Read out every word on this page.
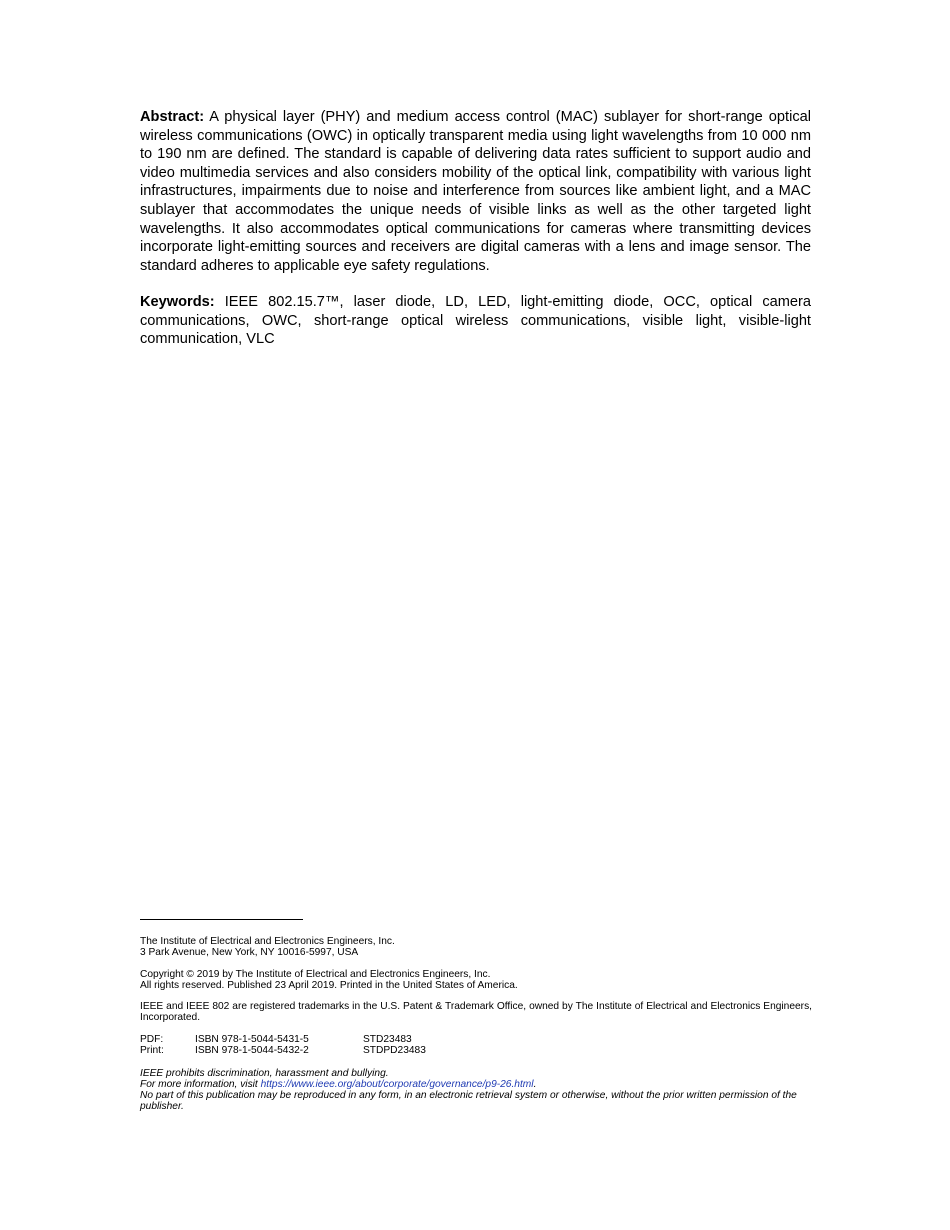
Abstract: A physical layer (PHY) and medium access control (MAC) sublayer for short-range optical wireless communications (OWC) in optically transparent media using light wavelengths from 10 000 nm to 190 nm are defined. The standard is capable of delivering data rates sufficient to support audio and video multimedia services and also considers mobility of the optical link, compatibility with various light infrastructures, impairments due to noise and interference from sources like ambient light, and a MAC sublayer that accommodates the unique needs of visible links as well as the other targeted light wavelengths. It also accommodates optical communications for cameras where transmitting devices incorporate light-emitting sources and receivers are digital cameras with a lens and image sensor. The standard adheres to applicable eye safety regulations.

Keywords: IEEE 802.15.7™, laser diode, LD, LED, light-emitting diode, OCC, optical camera communications, OWC, short-range optical wireless communications, visible light, visible-light communication, VLC

The Institute of Electrical and Electronics Engineers, Inc.
3 Park Avenue, New York, NY 10016-5997, USA

Copyright © 2019 by The Institute of Electrical and Electronics Engineers, Inc.
All rights reserved. Published 23 April 2019. Printed in the United States of America.

IEEE and IEEE 802 are registered trademarks in the U.S. Patent & Trademark Office, owned by The Institute of Electrical and Electronics Engineers, Incorporated.

PDF:	ISBN 978-1-5044-5431-5	STD23483
Print:	ISBN 978-1-5044-5432-2	STDPD23483

IEEE prohibits discrimination, harassment and bullying.
For more information, visit https://www.ieee.org/about/corporate/governance/p9-26.html.
No part of this publication may be reproduced in any form, in an electronic retrieval system or otherwise, without the prior written permission of the publisher.
